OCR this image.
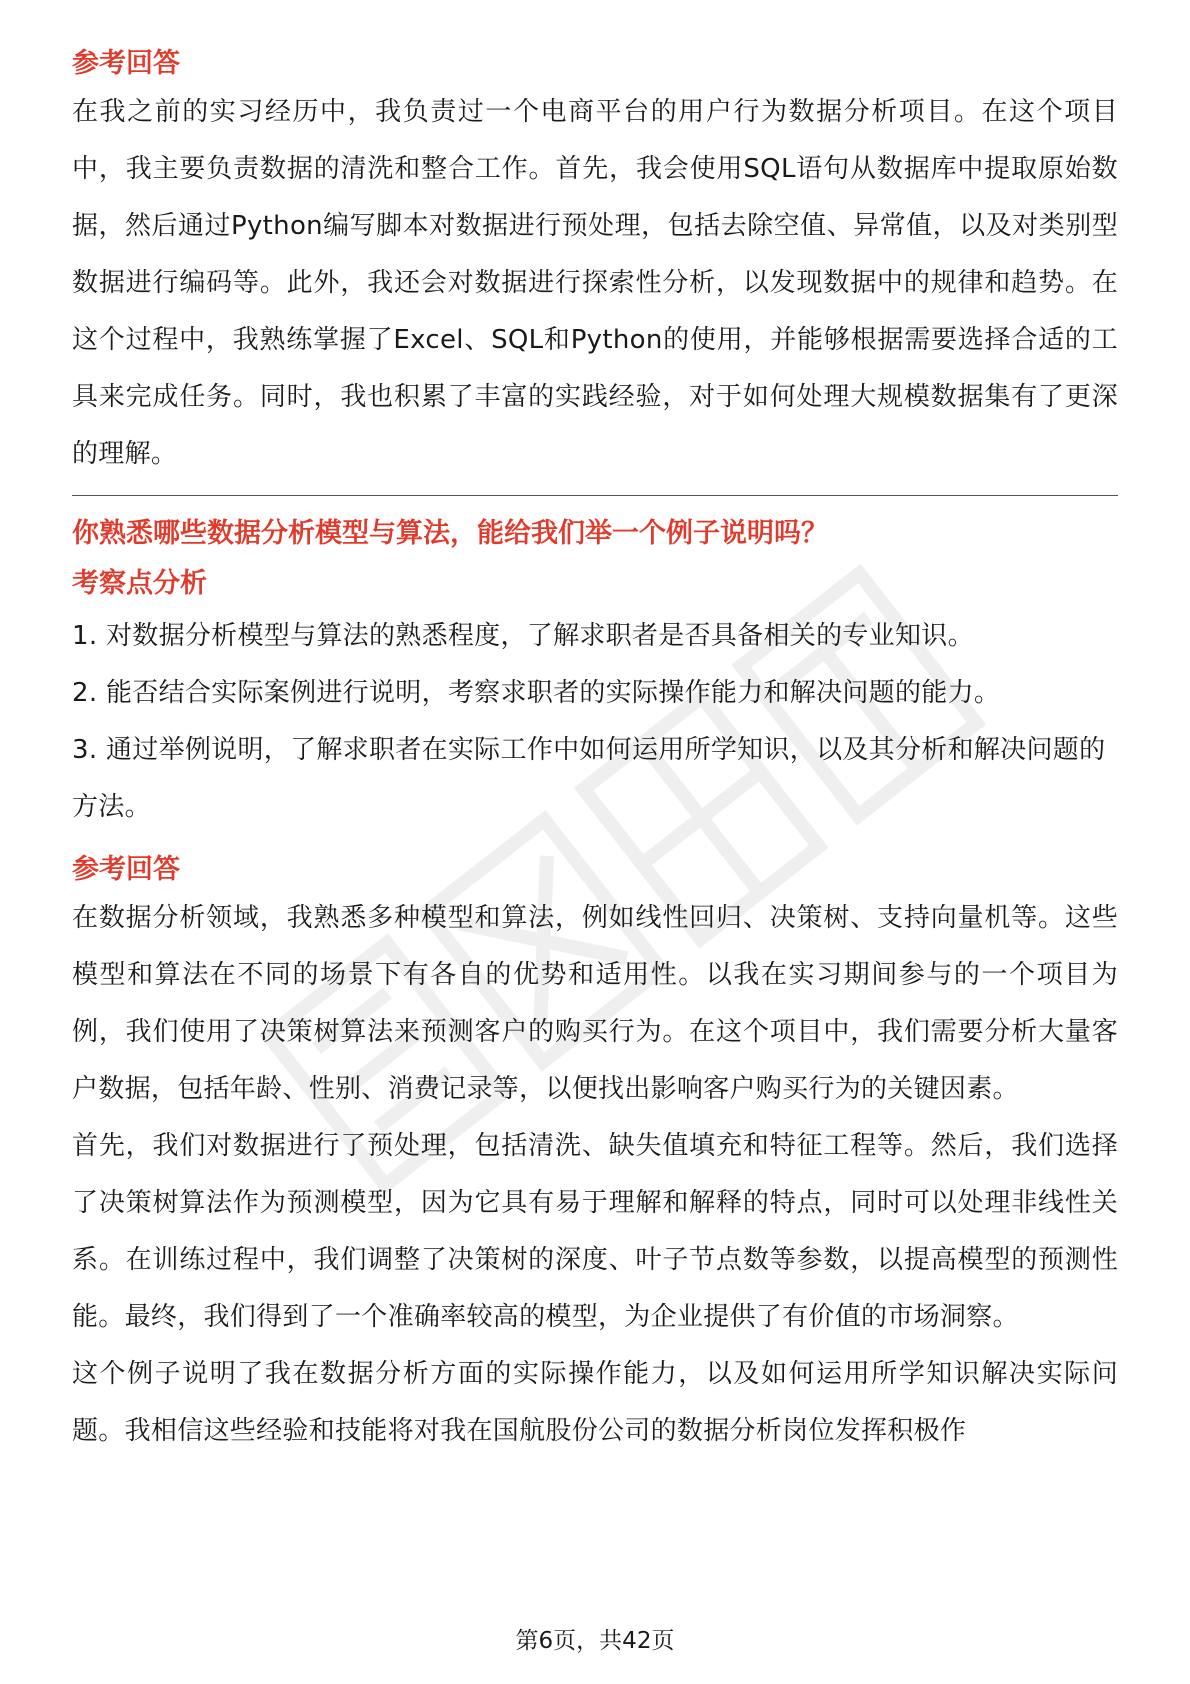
参考回答

在我之前的实习经历中，我负责过一个电商平台的用户行为数据分析项目。在这个项目中，我主要负责数据的清洗和整合工作。首先，我会使用SQL语句从数据库中提取原始数据，然后通过Python编写脚本对数据进行预处理，包括去除空值、异常值，以及对类别型数据进行编码等。此外，我还会对数据进行探索性分析，以发现数据中的规律和趋势。在这个过程中，我熟练掌握了Excel、SQL和Python的使用，并能够根据需要选择合适的工具来完成任务。同时，我也积累了丰富的实践经验，对于如何处理大规模数据集有了更深的理解。

你熟悉哪些数据分析模型与算法，能给我们举一个例子说明吗？
考察点分析

1. 对数据分析模型与算法的熟悉程度，了解求职者是否具备相关的专业知识。

2. 能否结合实际案例进行说明，考察求职者的实际操作能力和解决问题的能力。

3. 通过举例说明，了解求职者在实际工作中如何运用所学知识，以及其分析和解决问题的方法。

参考回答

在数据分析领域，我熟悉多种模型和算法，例如线性回归、决策树、支持向量机等。这些模型和算法在不同的场景下有各自的优势和适用性。以我在实习期间参与的一个项目为例，我们使用了决策树算法来预测客户的购买行为。在这个项目中，我们需要分析大量客户数据，包括年龄、性别、消费记录等，以便找出影响客户购买行为的关键因素。

首先，我们对数据进行了预处理，包括清洗、缺失值填充和特征工程等。然后，我们选择了决策树算法作为预测模型，因为它具有易于理解和解释的特点，同时可以处理非线性关系。在训练过程中，我们调整了决策树的深度、叶子节点数等参数，以提高模型的预测性能。最终，我们得到了一个准确率较高的模型，为企业提供了有价值的市场洞察。

这个例子说明了我在数据分析方面的实际操作能力，以及如何运用所学知识解决实际问题。我相信这些经验和技能将对我在国航股份公司的数据分析岗位发挥积极作

第6页，共42页
